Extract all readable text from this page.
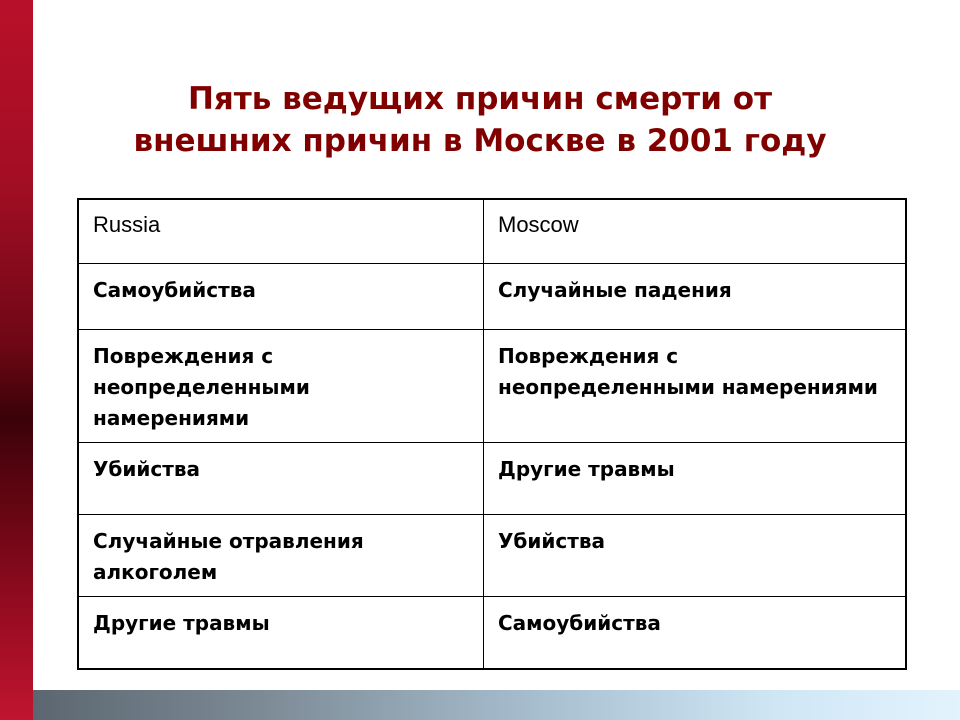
Пять ведущих причин смерти от
внешних причин в Москве в 2001 году
Russia	Moscow
Самоубийства	Случайные падения
Повреждения с неопределенными намерениями	Повреждения с неопределенными намерениями
Убийства	Другие травмы
Случайные отравления алкоголем	Убийства
Другие травмы	Самоубийства
